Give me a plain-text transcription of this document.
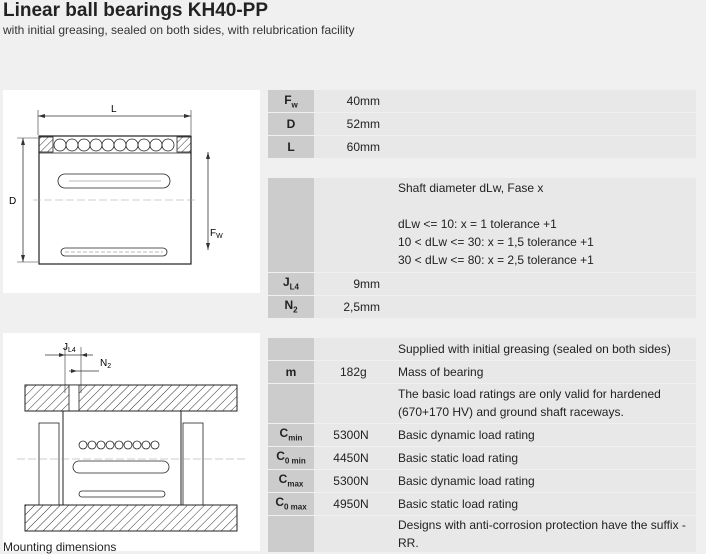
Linear ball bearings KH40-PP
with initial greasing, sealed on both sides, with relubrication facility
L
D
$F_W$
$J_{L4}$
$N_2$
Mounting dimensions
$F_w$	40	mm	
D	52	mm	
L	60	mm	

			Shaft diameter dLw, Fase x
dLw <= 10: x = 1 tolerance +1
10 < dLw <= 30: x = 1,5 tolerance +1
30 < dLw <= 80: x = 2,5 tolerance +1

$J_{L4}$	9	mm	
$N_2$	2,5	mm	
			Supplied with initial greasing (sealed on both sides)
m	182	g	Mass of bearing
			The basic load ratings are only valid for hardened (670+170 HV) and ground shaft raceways.
$C_{min}$	5300	N	Basic dynamic load rating
$C_{0 min}$	4450	N	Basic static load rating
$C_{max}$	5300	N	Basic dynamic load rating
$C_{0 max}$	4950	N	Basic static load rating
			Designs with anti-corrosion protection have the suffix -RR.
